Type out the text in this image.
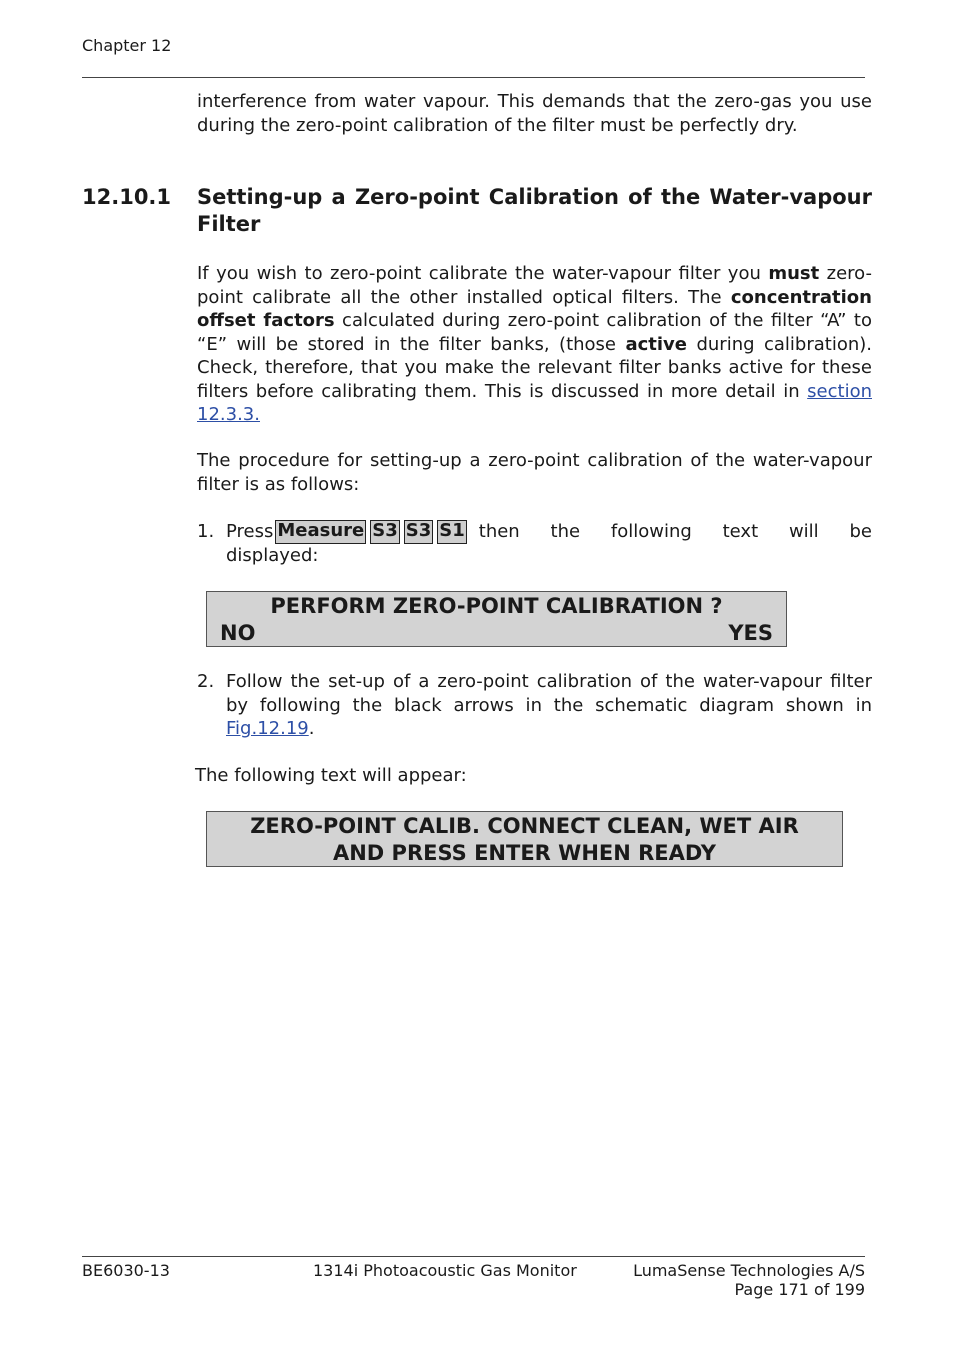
Chapter 12
interference from water vapour. This demands that the zero-gas you use during the zero-point calibration of the filter must be perfectly dry.
12.10.1 Setting-up a Zero-point Calibration of the Water-vapour Filter
If you wish to zero-point calibrate the water-vapour filter you must zero-point calibrate all the other installed optical filters. The concentration offset factors calculated during zero-point calibration of the filter “A” to “E” will be stored in the filter banks, (those active during calibration). Check, therefore, that you make the relevant filter banks active for these filters before calibrating them. This is discussed in more detail in section 12.3.3.
The procedure for setting-up a zero-point calibration of the water-vapour filter is as follows:
1. Press Measure S3 S3 S1 then the following text will be
displayed:
PERFORM ZERO-POINT CALIBRATION ?
NO	YES
2. Follow the set-up of a zero-point calibration of the water-vapour filter by following the black arrows in the schematic diagram shown in Fig.12.19.
The following text will appear:
ZERO-POINT CALIB. CONNECT CLEAN, WET AIR
AND PRESS ENTER WHEN READY
BE6030-13	1314i Photoacoustic Gas Monitor	LumaSense Technologies A/S
Page 171 of 199
